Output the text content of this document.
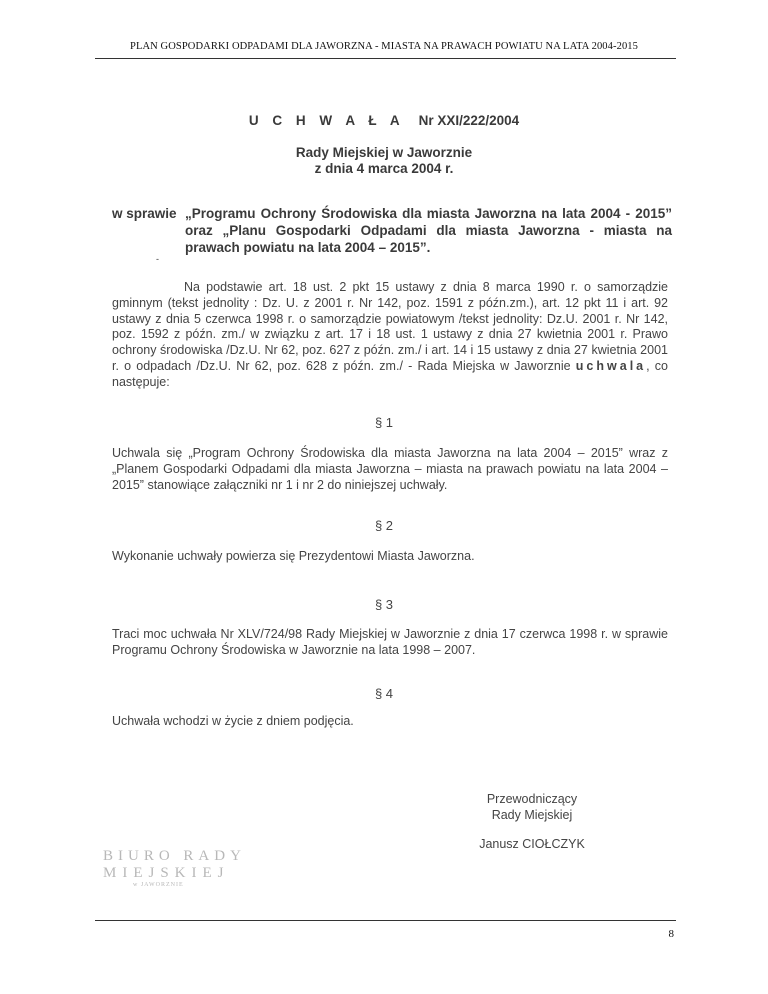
PLAN GOSPODARKI ODPADAMI DLA JAWORZNA - MIASTA NA PRAWACH POWIATU NA LATA 2004-2015
U C H W A Ł A Nr XXI/222/2004
Rady Miejskiej w Jaworznie
z dnia 4 marca 2004 r.
w sprawie „Programu Ochrony Środowiska dla miasta Jaworzna na lata 2004 - 2015” oraz „Planu Gospodarki Odpadami dla miasta Jaworzna - miasta na prawach powiatu na lata 2004 – 2015”.
-
Na podstawie art. 18 ust. 2 pkt 15 ustawy z dnia 8 marca 1990 r. o samorządzie gminnym (tekst jednolity : Dz. U. z 2001 r. Nr 142, poz. 1591 z późn.zm.), art. 12 pkt 11 i art. 92 ustawy z dnia 5 czerwca 1998 r. o samorządzie powiatowym /tekst jednolity: Dz.U. 2001 r. Nr 142, poz. 1592 z późn. zm./ w związku z art. 17 i 18 ust. 1 ustawy z dnia 27 kwietnia 2001 r. Prawo ochrony środowiska /Dz.U. Nr 62, poz. 627 z późn. zm./ i art. 14 i 15 ustawy z dnia 27 kwietnia 2001 r. o odpadach /Dz.U. Nr 62, poz. 628 z późn. zm./ - Rada Miejska w Jaworznie uchwala, co następuje:
§ 1
Uchwala się „Program Ochrony Środowiska dla miasta Jaworzna na lata 2004 – 2015” wraz z „Planem Gospodarki Odpadami dla miasta Jaworzna – miasta na prawach powiatu na lata 2004 – 2015” stanowiące załączniki nr 1 i nr 2 do niniejszej uchwały.
§ 2
Wykonanie uchwały powierza się Prezydentowi Miasta Jaworzna.
§ 3
Traci moc uchwała Nr XLV/724/98 Rady Miejskiej w Jaworznie z dnia 17 czerwca 1998 r. w sprawie Programu Ochrony Środowiska w Jaworznie na lata 1998 – 2007.
§ 4
Uchwała wchodzi w życie z dniem podjęcia.
Przewodniczący
Rady Miejskiej
Janusz CIOŁCZYK
BIURO RADY
MIEJSKIEJ
w JAWORZNIE
8
